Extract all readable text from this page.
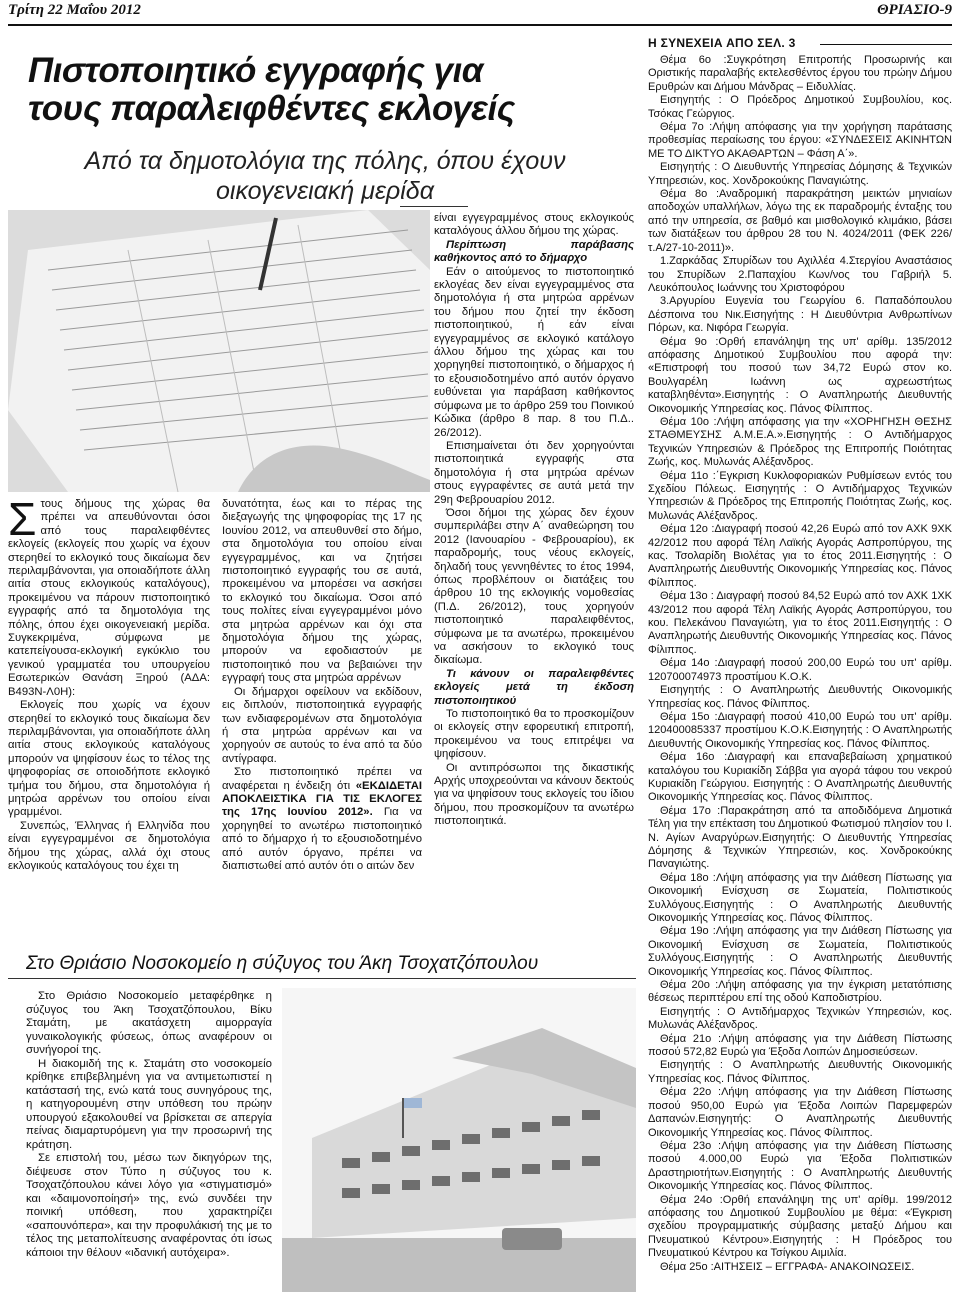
Τρίτη 22 Μαΐου 2012	ΘΡΙΑΣΙΟ-9
Πιστοποιητικό εγγραφής για
τους παραλειφθέντες εκλογείς
Από τα δημοτολόγια της πόλης, όπου έχουν
οικογενειακή μερίδα

Στους δήμους της χώρας θα πρέπει να απευθύνονται όσοι από τους παραλειφθέντες εκλογείς (εκλογείς που χωρίς να έχουν στερηθεί το εκλογικό τους δικαίωμα δεν περιλαμβάνονται, για οποιαδήποτε άλλη αιτία στους εκλογικούς καταλόγους), προκειμένου να πάρουν πιστοποιητικό εγγραφής από τα δημοτολόγια της πόλης, όπου έχει οικογενειακή μερίδα. Συγκεκριμένα, σύμφωνα με κατεπείγουσα-εκλογική εγκύκλιο του γενικού γραμματέα του υπουργείου Εσωτερικών Θανάση Ξηρού (ΑΔΑ: Β493Ν-Λ0Η):

Εκλογείς που χωρίς να έχουν στερηθεί το εκλογικό τους δικαίωμα δεν περιλαμβάνονται, για οποιαδήποτε άλλη αιτία στους εκλογικούς καταλόγους μπορούν να ψηφίσουν έως το τέλος της ψηφοφορίας σε οποιοδήποτε εκλογικό τμήμα του δήμου, στα δημοτολόγια ή μητρώα αρρένων του οποίου είναι γραμμένοι.

Συνεπώς, Έλληνας ή Ελληνίδα που είναι εγγεγραμμένοι σε δημοτολόγια δήμου της χώρας, αλλά όχι στους εκλογικούς καταλόγους του έχει τη

δυνατότητα, έως και το πέρας της διεξαγωγής της ψηφοφορίας της 17 ης Ιουνίου 2012, να απευθυνθεί στο δήμο, στα δημοτολόγια του οποίου είναι εγγεγραμμένος, και να ζητήσει πιστοποιητικό εγγραφής του σε αυτά, προκειμένου να μπορέσει να ασκήσει το εκλογικό του δικαίωμα. Όσοι από τους πολίτες είναι εγγεγραμμένοι μόνο στα μητρώα αρρένων και όχι στα δημοτολόγια δήμου της χώρας, μπορούν να εφοδιαστούν με πιστοποιητικό που να βεβαιώνει την εγγραφή τους στα μητρώα αρρένων

Οι δήμαρχοι οφείλουν να εκδίδουν, εις διπλούν, πιστοποιητικά εγγραφής των ενδιαφερομένων στα δημοτολόγια ή στα μητρώα αρρένων και να χορηγούν σε αυτούς το ένα από τα δύο αντίγραφα.

Στο πιστοποιητικό πρέπει να αναφέρεται η ένδειξη ότι «ΕΚΔΙΔΕΤΑΙ ΑΠΟΚΛΕΙΣΤΙΚΑ ΓΙΑ ΤΙΣ ΕΚΛΟΓΕΣ της 17ης Ιουνίου 2012». Για να χορηγηθεί το ανωτέρω πιστοποιητικό από το δήμαρχο ή το εξουσιοδοτημένο από αυτόν όργανο, πρέπει να διαπιστωθεί από αυτόν ότι ο αιτών δεν

είναι εγγεγραμμένος στους εκλογικούς καταλόγους άλλου δήμου της χώρας.

Περίπτωση παράβασης καθήκοντος από το δήμαρχο

Εάν ο αιτούμενος το πιστοποιητικό εκλογέας δεν είναι εγγεγραμμένος στα δημοτολόγια ή στα μητρώα αρρένων του δήμου που ζητεί την έκδοση πιστοποιητικού, ή εάν είναι εγγεγραμμένος σε εκλογικό κατάλογο άλλου δήμου της χώρας και του χορηγηθεί πιστοποιητικό, ο δήμαρχος ή το εξουσιοδοτημένο από αυτόν όργανο ευθύνεται για παράβαση καθήκοντος σύμφωνα με το άρθρο 259 του Ποινικού Κώδικα (άρθρο 8 παρ. 8 του Π.Δ.. 26/2012).

Επισημαίνεται ότι δεν χορηγούνται πιστοποιητικά εγγραφής στα δημοτολόγια ή στα μητρώα αρένων στους εγγραφέντες σε αυτά μετά την 29η Φεβρουαρίου 2012.

Όσοι δήμοι της χώρας δεν έχουν συμπεριλάβει στην Α΄ αναθεώρηση του 2012 (Ιανουαρίου - Φεβρουαρίου), εκ παραδρομής, τους νέους εκλογείς, δηλαδή τους γεννηθέντες το έτος 1994, όπως προβλέπουν οι διατάξεις του άρθρου 10 της εκλογικής νομοθεσίας (Π.Δ. 26/2012), τους χορηγούν πιστοποιητικό παραλειφθέντος, σύμφωνα με τα ανωτέρω, προκειμένου να ασκήσουν το εκλογικό τους δικαίωμα.

Τι κάνουν οι παραλειφθέντες εκλογείς μετά τη έκδοση πιστοποιητικού

Το πιστοποιητικό θα το προσκομίζουν οι εκλογείς στην εφορευτική επιτροπή, προκειμένου να τους επιτρέψει να ψηφίσουν.

Οι αντιπρόσωποι της δικαστικής Αρχής υποχρεούνται να κάνουν δεκτούς για να ψηφίσουν τους εκλογείς του ίδιου δήμου, που προσκομίζουν τα ανωτέρω πιστοποιητικά.

Η ΣΥΝΕΧΕΙΑ ΑΠΟ ΣΕΛ. 3

Θέμα 6ο :Συγκρότηση Επιτροπής Προσωρινής και Οριστικής παραλαβής εκτελεσθέντος έργου του πρώην Δήμου Ερυθρών και Δήμου Μάνδρας – Ειδυλλίας.

Εισηγητής : Ο Πρόεδρος Δημοτικού Συμβουλίου, κος. Τσόκας Γεώργιος.

Θέμα 7ο :Λήψη απόφασης για την χορήγηση παράτασης προθεσμίας περαίωσης του έργου: «ΣΥΝΔΕΣΕΙΣ ΑΚΙΝΗΤΩΝ ΜΕ ΤΟ ΔΙΚΤΥΟ ΑΚΑΘΑΡΤΩΝ – Φάση Α΄».

Εισηγητής : Ο Διευθυντής Υπηρεσίας Δόμησης & Τεχνικών Υπηρεσιών, κος. Χονδροκούκης Παναγιώτης.

Θέμα 8ο :Αναδρομική παρακράτηση μεικτών μηνιαίων αποδοχών υπαλλήλων, λόγω της εκ παραδρομής ένταξης του από την υπηρεσία, σε βαθμό και μισθολογικό κλιμάκιο, βάσει των διατάξεων του άρθρου 28 του Ν. 4024/2011 (ΦΕΚ 226/τ.Α/27-10-2011)».

1.Ζαρκάδας Σπυρίδων του Αχιλλέα 4.Στεργίου Αναστάσιος του Σπυρίδων 2.Παπαχίου Κων/νος του Γαβριήλ 5. Λευκόπουλος Ιωάννης του Χριστοφόρου

3.Αργυρίου Ευγενία του Γεωργίου 6. Παπαδόπουλου Δέσποινα του Νικ.Εισηγήτης : Η Διευθύντρια Ανθρωπίνων Πόρων, κα. Νιφόρα Γεωργία.

Θέμα 9ο :Ορθή επανάληψη της υπ' αρίθμ. 135/2012 απόφασης Δημοτικού Συμβουλίου που αφορά την: «Επιστροφή του ποσού των 34,72 Ευρώ στον κο. Βουλγαρέλη Ιωάννη ως αχρεωστήτως καταβληθέντα».Εισηγητής : Ο Αναπληρωτής Διευθυντής Οικονομικής Υπηρεσίας κος. Πάνος Φίλιππος.

Θέμα 10ο :Λήψη απόφασης για την «ΧΟΡΗΓΗΣΗ ΘΕΣΗΣ ΣΤΑΘΜΕΥΣΗΣ Α.Μ.Ε.Α.».Εισηγητής : Ο Αντιδήμαρχος Τεχνικών Υπηρεσιών & Πρόεδρος της Επιτροπής Ποιότητας Ζωής, κος. Μυλωνάς Αλέξανδρος.

Θέμα 11ο :΄Εγκριση Κυκλοφοριακών Ρυθμίσεων εντός του Σχεδίου Πόλεως. Εισηγητής : Ο Αντιδήμαρχος Τεχνικών Υπηρεσιών & Πρόεδρος της Επιτροπής Ποιότητας Ζωής, κος. Μυλωνάς Αλέξανδρος.

Θέμα 12ο :Διαγραφή ποσού 42,26 Ευρώ από τον ΑΧΚ 9ΧΚ 42/2012 που αφορά Τέλη Λαϊκής Αγοράς Ασπροπύργου, της κας. Τσολαρίδη Βιολέτας για το έτος 2011.Εισηγητής : Ο Αναπληρωτής Διευθυντής Οικονομικής Υπηρεσίας κος. Πάνος Φίλιππος.

Θέμα 13ο : Διαγραφή ποσού 84,52 Ευρώ από τον ΑΧΚ 1ΧΚ 43/2012 που αφορά Τέλη Λαϊκής Αγοράς Ασπροπύργου, του κου. Πελεκάνου Παναγιώτη, για το έτος 2011.Εισηγητής : Ο Αναπληρωτής Διευθυντής Οικονομικής Υπηρεσίας κος. Πάνος Φίλιππος.

Θέμα 14ο :Διαγραφή ποσού 200,00 Ευρώ του υπ' αρίθμ. 120700074973 προστίμου Κ.Ο.Κ.

Εισηγητής : Ο Αναπληρωτής Διευθυντής Οικονομικής Υπηρεσίας κος. Πάνος Φίλιππος.

Θέμα 15ο :Διαγραφή ποσού 410,00 Ευρώ του υπ' αρίθμ. 120400085337 προστίμου Κ.Ο.Κ.Εισηγητής : Ο Αναπληρωτής Διευθυντής Οικονομικής Υπηρεσίας κος. Πάνος Φίλιππος.

Θέμα 16ο :Διαγραφή και επαναβεβαίωση χρηματικού καταλόγου του Κυριακίδη Σάββα για αγορά τάφου του νεκρού Κυριακίδη Γεώργιου. Εισηγητής : Ο Αναπληρωτής Διευθυντής Οικονομικής Υπηρεσίας κος. Πάνος Φίλιππος.

Θέμα 17ο :Παρακράτηση από τα αποδιδόμενα Δημοτικά Τέλη για την επέκταση του Δημοτικού Φωτισμού πλησίον του Ι. Ν. Αγίων Αναργύρων.Εισηγητής: Ο Διευθυντής Υπηρεσίας Δόμησης & Τεχνικών Υπηρεσιών, κος. Χονδροκούκης Παναγιώτης.

Θέμα 18ο :Λήψη απόφασης για την Διάθεση Πίστωσης για Οικονομική Ενίσχυση σε Σωματεία, Πολιτιστικούς Συλλόγους.Εισηγητής : Ο Αναπληρωτής Διευθυντής Οικονομικής Υπηρεσίας κος. Πάνος Φίλιππος.

Θέμα 19ο :Λήψη απόφασης για την Διάθεση Πίστωσης για Οικονομική Ενίσχυση σε Σωματεία, Πολιτιστικούς Συλλόγους.Εισηγητής : Ο Αναπληρωτής Διευθυντής Οικονομικής Υπηρεσίας κος. Πάνος Φίλιππος.

Θέμα 20ο :Λήψη απόφασης για την έγκριση μετατόπισης θέσεως περιπτέρου επί της οδού Καποδιστρίου.

Εισηγητής : Ο Αντιδήμαρχος Τεχνικών Υπηρεσιών, κος. Μυλωνάς Αλέξανδρος.

Θέμα 21ο :Λήψη απόφασης για την Διάθεση Πίστωσης ποσού 572,82 Ευρώ για Έξοδα Λοιπών Δημοσιεύσεων.

Εισηγητής : Ο Αναπληρωτής Διευθυντής Οικονομικής Υπηρεσίας κος. Πάνος Φίλιππος.

Θέμα 22ο :Λήψη απόφασης για την Διάθεση Πίστωσης ποσού 950,00 Ευρώ για Έξοδα Λοιπών Παρεμφερών Δαπανών.Εισηγητής: Ο Αναπληρωτής Διευθυντής Οικονομικής Υπηρεσίας κος. Πάνος Φίλιππος.

Θέμα 23ο :Λήψη απόφασης για την Διάθεση Πίστωσης ποσού 4.000,00 Ευρώ για Έξοδα Πολιτιστικών Δραστηριοτήτων.Εισηγητής : Ο Αναπληρωτής Διευθυντής Οικονομικής Υπηρεσίας κος. Πάνος Φίλιππος.

Θέμα 24ο :Ορθή επανάληψη της υπ' αρίθμ. 199/2012 απόφασης του Δημοτικού Συμβουλίου με θέμα: «Έγκριση σχεδίου προγραμματικής σύμβασης μεταξύ Δήμου και Πνευματικού Κέντρου».Εισηγητής : Η Πρόεδρος του Πνευματικού Κέντρου κα Τσίγκου Αιμιλία.

Θέμα 25ο :ΑΙΤΗΣΕΙΣ – ΕΓΓΡΑΦΑ- ΑΝΑΚΟΙΝΩΣΕΙΣ.

Στο Θριάσιο Νοσοκομείο η σύζυγος του Άκη Τσοχατζόπουλου

Στο Θριάσιο Νοσοκομείο μεταφέρθηκε η σύζυγος του Άκη Τσοχατζόπουλου, Βίκυ Σταμάτη, με ακατάσχετη αιμορραγία γυναικολογικής φύσεως, όπως αναφέρουν οι συνήγοροί της.

Η διακομιδή της κ. Σταμάτη στο νοσοκομείο κρίθηκε επιβεβλημένη για να αντιμετωπιστεί η κατάστασή της, ενώ κατά τους συνηγόρους της, η κατηγορουμένη στην υπόθεση του πρώην υπουργού εξακολουθεί να βρίσκεται σε απεργία πείνας διαμαρτυρόμενη για την προσωρινή της κράτηση.

Σε επιστολή του, μέσω των δικηγόρων της, διέψευσε στον Τύπο η σύζυγος του κ. Τσοχατζόπουλου κάνει λόγο για «στιγματισμό» και «δαιμονοποίησή» της, ενώ συνδέει την ποινική υπόθεση, που χαρακτηρίζει «σαπουνόπερα», και την προφυλάκισή της με το τέλος της μεταπολίτευσης αναφέροντας ότι ίσως κάποιοι την θέλουν «ιδανική αυτόχειρα».
